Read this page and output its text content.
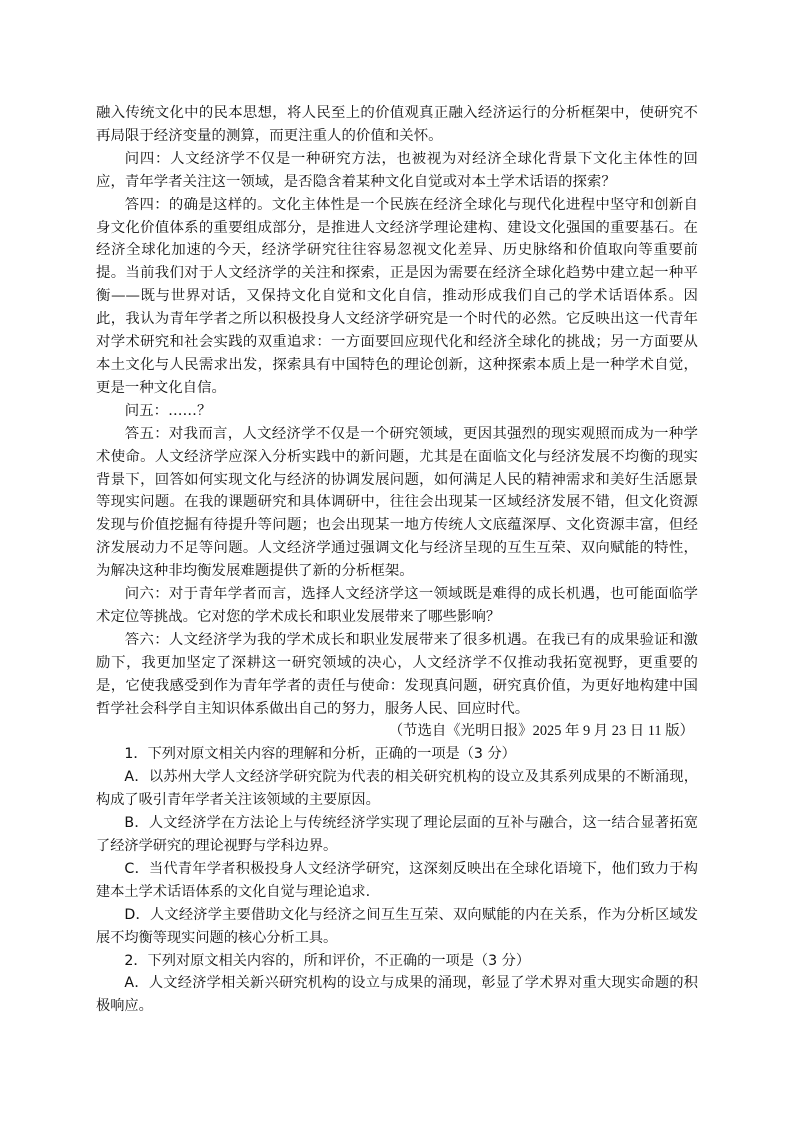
融入传统文化中的民本思想，将人民至上的价值观真正融入经济运行的分析框架中，使研究不再局限于经济变量的测算，而更注重人的价值和关怀。

问四：人文经济学不仅是一种研究方法，也被视为对经济全球化背景下文化主体性的回应，青年学者关注这一领域，是否隐含着某种文化自觉或对本土学术话语的探索？

答四：的确是这样的。文化主体性是一个民族在经济全球化与现代化进程中坚守和创新自身文化价值体系的重要组成部分，是推进人文经济学理论建构、建设文化强国的重要基石。在经济全球化加速的今天，经济学研究往往容易忽视文化差异、历史脉络和价值取向等重要前提。当前我们对于人文经济学的关注和探索，正是因为需要在经济全球化趋势中建立起一种平衡——既与世界对话，又保持文化自觉和文化自信，推动形成我们自己的学术话语体系。因此，我认为青年学者之所以积极投身人文经济学研究是一个时代的必然。它反映出这一代青年对学术研究和社会实践的双重追求：一方面要回应现代化和经济全球化的挑战；另一方面要从本土文化与人民需求出发，探索具有中国特色的理论创新，这种探索本质上是一种学术自觉，更是一种文化自信。

问五：……？

答五：对我而言，人文经济学不仅是一个研究领域，更因其强烈的现实观照而成为一种学术使命。人文经济学应深入分析实践中的新问题，尤其是在面临文化与经济发展不均衡的现实背景下，回答如何实现文化与经济的协调发展问题，如何满足人民的精神需求和美好生活愿景等现实问题。在我的课题研究和具体调研中，往往会出现某一区域经济发展不错，但文化资源发现与价值挖掘有待提升等问题；也会出现某一地方传统人文底蕴深厚、文化资源丰富，但经济发展动力不足等问题。人文经济学通过强调文化与经济呈现的互生互荣、双向赋能的特性，为解决这种非均衡发展难题提供了新的分析框架。

问六：对于青年学者而言，选择人文经济学这一领域既是难得的成长机遇，也可能面临学术定位等挑战。它对您的学术成长和职业发展带来了哪些影响？

答六：人文经济学为我的学术成长和职业发展带来了很多机遇。在我已有的成果验证和激励下，我更加坚定了深耕这一研究领域的决心，人文经济学不仅推动我拓宽视野，更重要的是，它使我感受到作为青年学者的责任与使命：发现真问题，研究真价值，为更好地构建中国哲学社会科学自主知识体系做出自己的努力，服务人民、回应时代。

（节选自《光明日报》2025 年 9 月 23 日 11 版）

1．下列对原文相关内容的理解和分析，正确的一项是（3 分）

A．以苏州大学人文经济学研究院为代表的相关研究机构的设立及其系列成果的不断涌现，构成了吸引青年学者关注该领域的主要原因。

B．人文经济学在方法论上与传统经济学实现了理论层面的互补与融合，这一结合显著拓宽了经济学研究的理论视野与学科边界。

C．当代青年学者积极投身人文经济学研究，这深刻反映出在全球化语境下，他们致力于构建本土学术话语体系的文化自觉与理论追求.

D．人文经济学主要借助文化与经济之间互生互荣、双向赋能的内在关系，作为分析区域发展不均衡等现实问题的核心分析工具。

2．下列对原文相关内容的，所和评价，不正确的一项是（3 分）

A．人文经济学相关新兴研究机构的设立与成果的涌现，彰显了学术界对重大现实命题的积极响应。
